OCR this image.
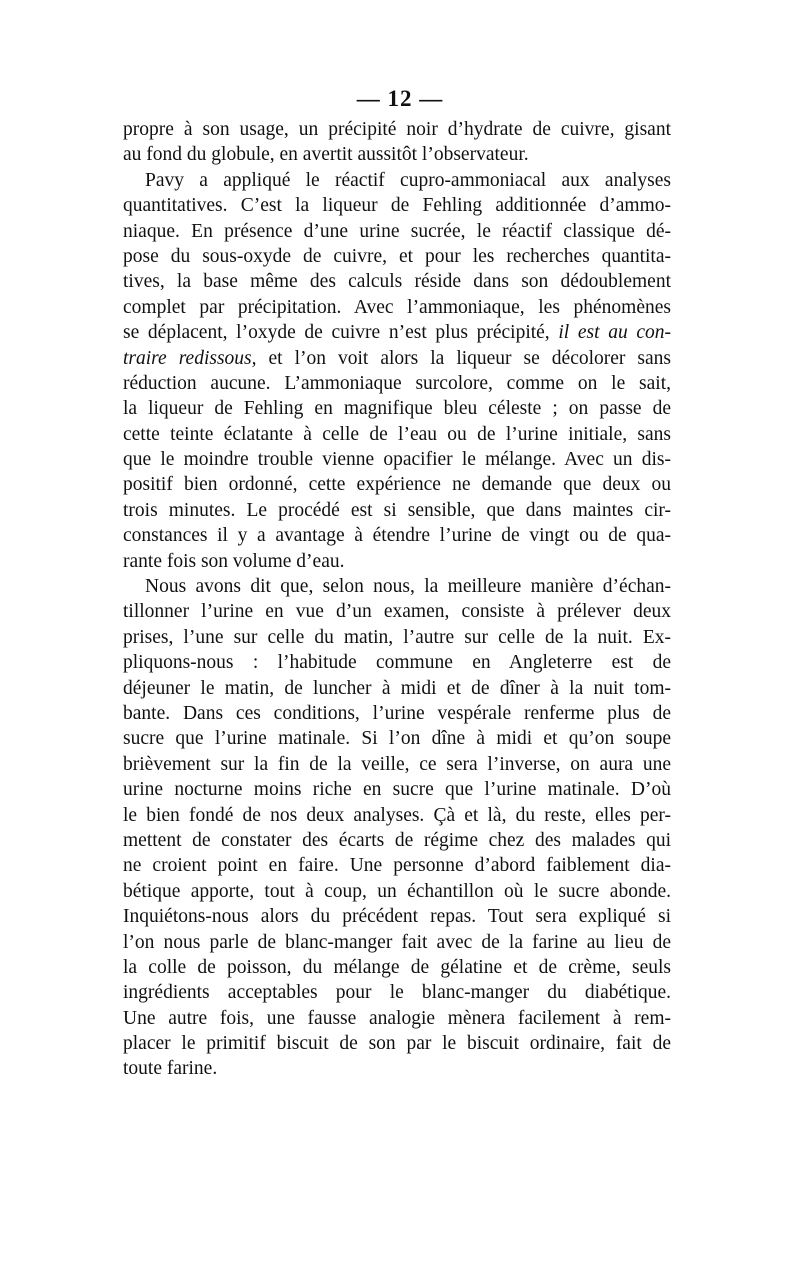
— 12 —
propre à son usage, un précipité noir d’hydrate de cuivre, gisant
au fond du globule, en avertit aussitôt l’observateur.
Pavy a appliqué le réactif cupro-ammoniacal aux analyses
quantitatives. C’est la liqueur de Fehling additionnée d’ammo-
niaque. En présence d’une urine sucrée, le réactif classique dé-
pose du sous-oxyde de cuivre, et pour les recherches quantita-
tives, la base même des calculs réside dans son dédoublement
complet par précipitation. Avec l’ammoniaque, les phénomènes
se déplacent, l’oxyde de cuivre n’est plus précipité, il est au con-
traire redissous, et l’on voit alors la liqueur se décolorer sans
réduction aucune. L’ammoniaque surcolore, comme on le sait,
la liqueur de Fehling en magnifique bleu céleste ; on passe de
cette teinte éclatante à celle de l’eau ou de l’urine initiale, sans
que le moindre trouble vienne opacifier le mélange. Avec un dis-
positif bien ordonné, cette expérience ne demande que deux ou
trois minutes. Le procédé est si sensible, que dans maintes cir-
constances il y a avantage à étendre l’urine de vingt ou de qua-
rante fois son volume d’eau.
Nous avons dit que, selon nous, la meilleure manière d’échan-
tillonner l’urine en vue d’un examen, consiste à prélever deux
prises, l’une sur celle du matin, l’autre sur celle de la nuit. Ex-
pliquons-nous : l’habitude commune en Angleterre est de
déjeuner le matin, de luncher à midi et de dîner à la nuit tom-
bante. Dans ces conditions, l’urine vespérale renferme plus de
sucre que l’urine matinale. Si l’on dîne à midi et qu’on soupe
brièvement sur la fin de la veille, ce sera l’inverse, on aura une
urine nocturne moins riche en sucre que l’urine matinale. D’où
le bien fondé de nos deux analyses. Çà et là, du reste, elles per-
mettent de constater des écarts de régime chez des malades qui
ne croient point en faire. Une personne d’abord faiblement dia-
bétique apporte, tout à coup, un échantillon où le sucre abonde.
Inquiétons-nous alors du précédent repas. Tout sera expliqué si
l’on nous parle de blanc-manger fait avec de la farine au lieu de
la colle de poisson, du mélange de gélatine et de crème, seuls
ingrédients acceptables pour le blanc-manger du diabétique.
Une autre fois, une fausse analogie mènera facilement à rem-
placer le primitif biscuit de son par le biscuit ordinaire, fait de
toute farine.
